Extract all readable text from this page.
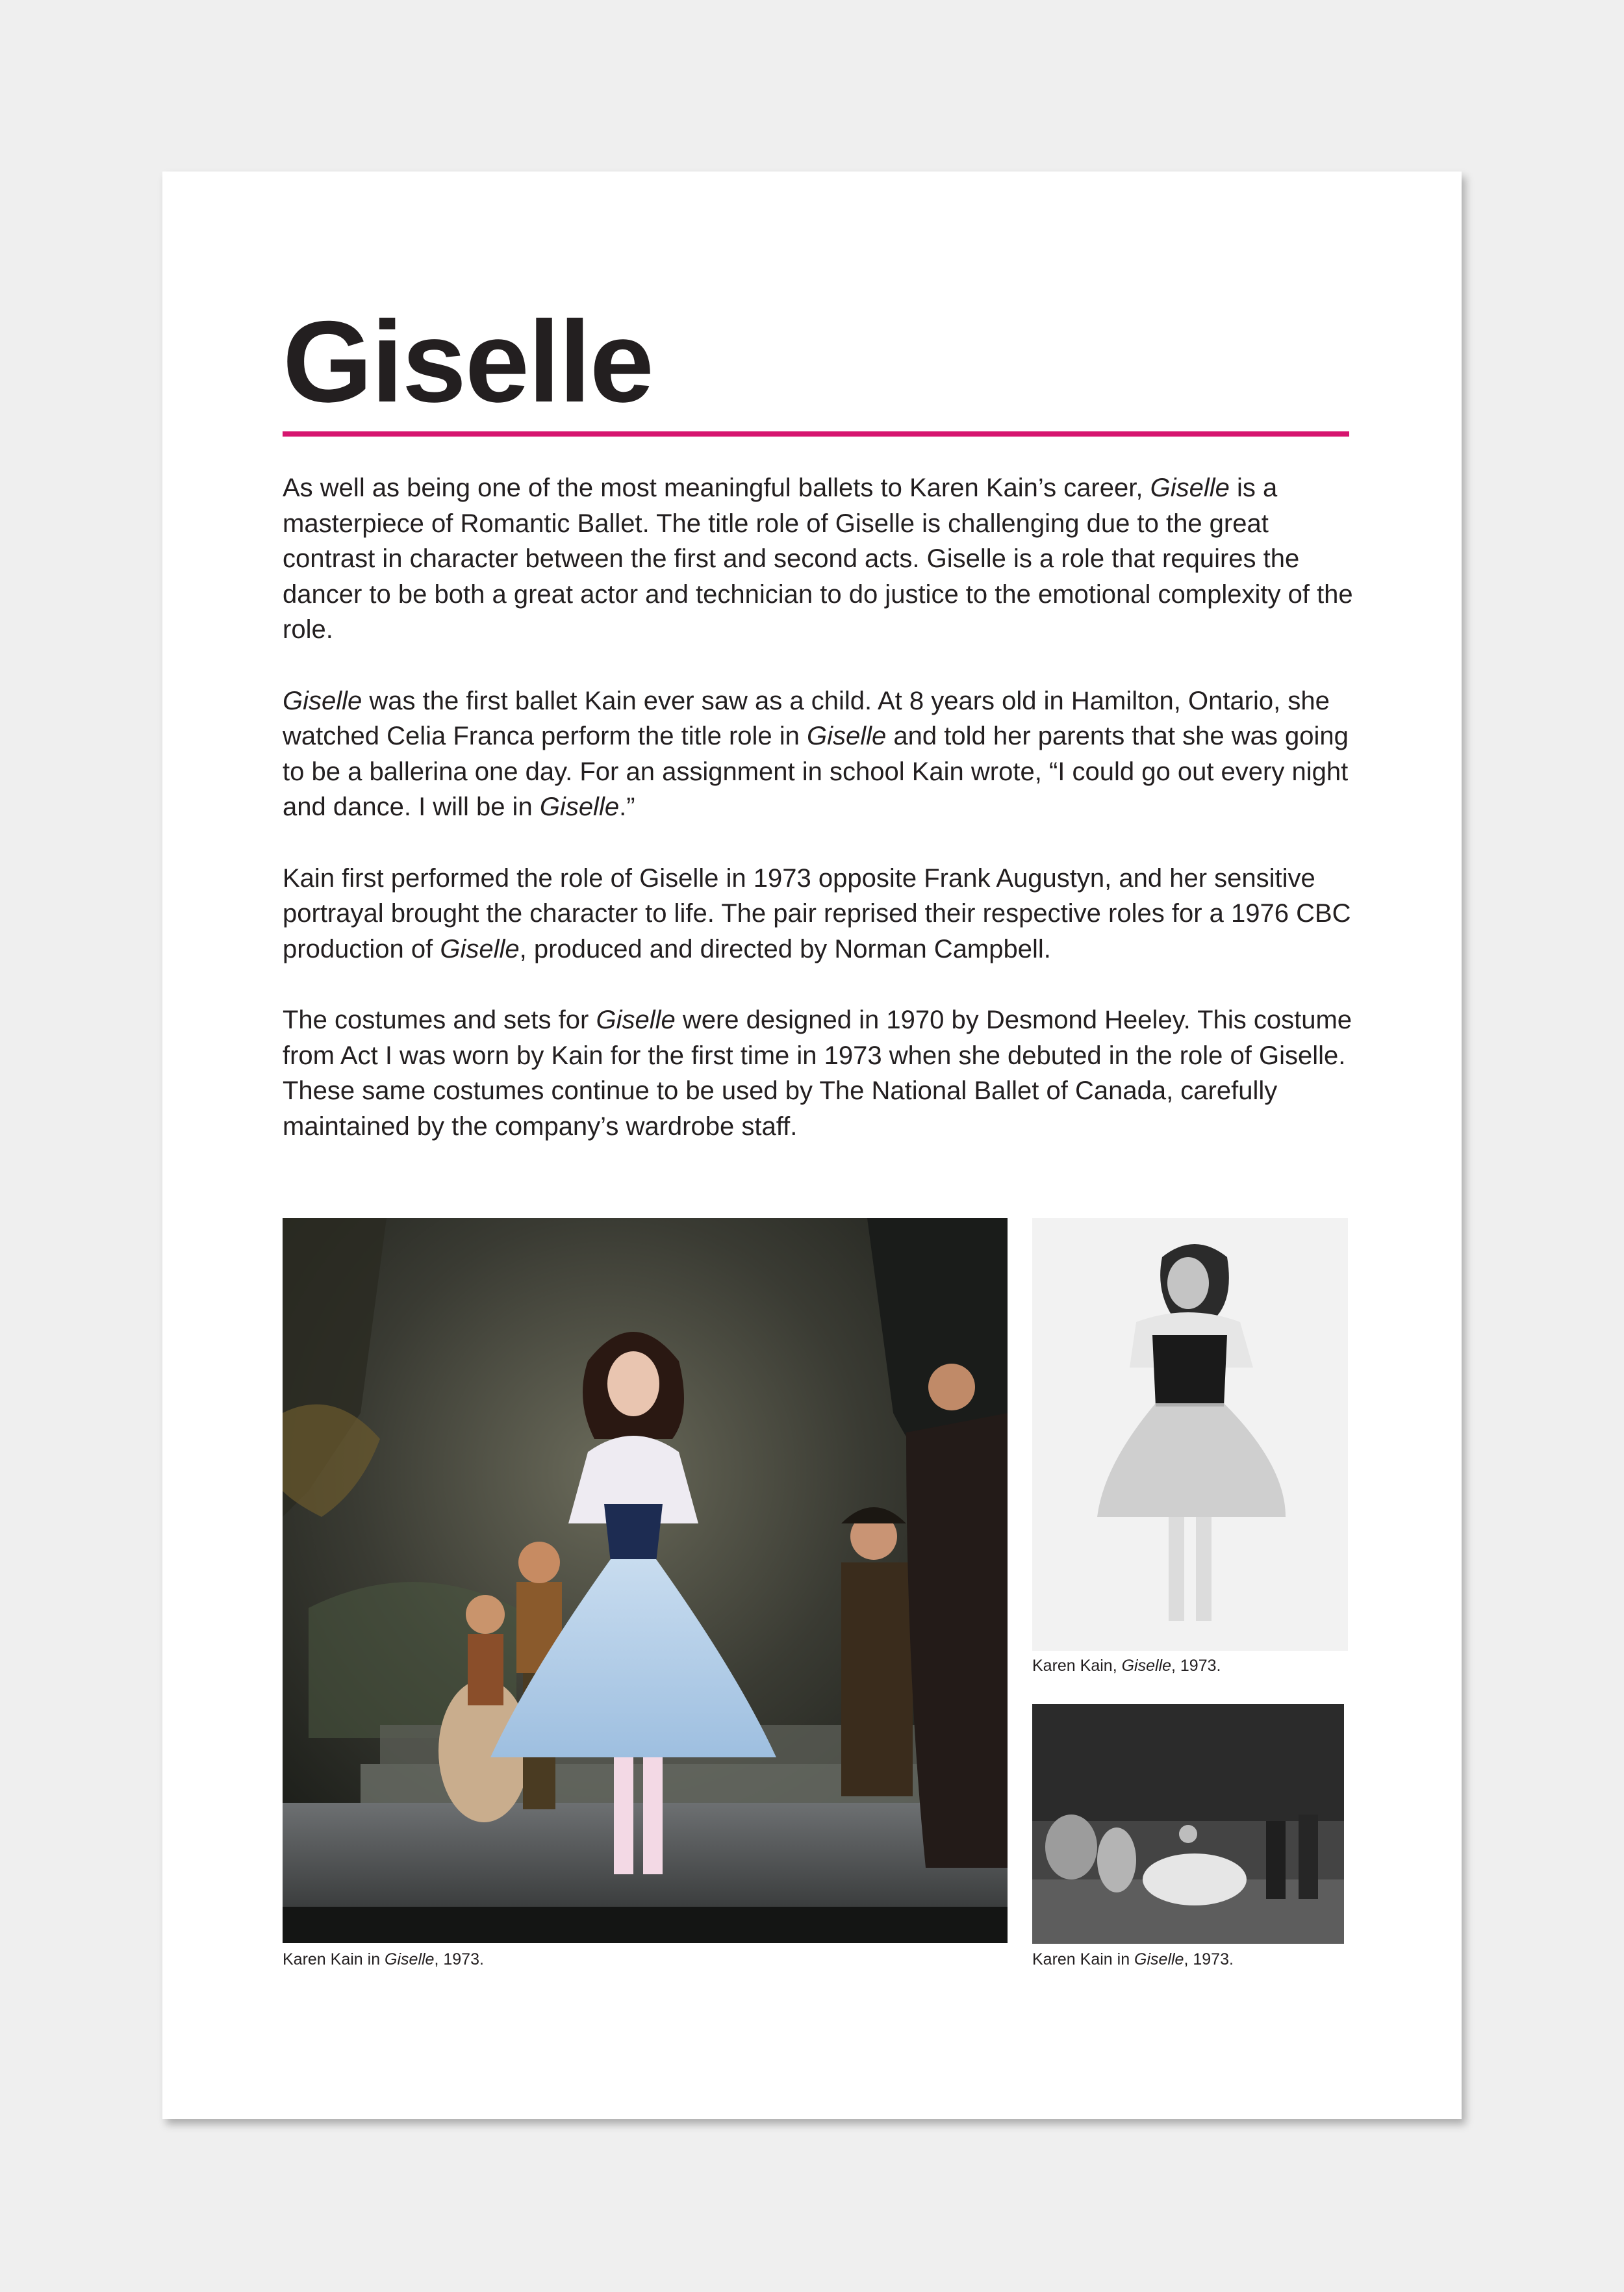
Giselle

As well as being one of the most meaningful ballets to Karen Kain’s career, Giselle is a masterpiece of Romantic Ballet. The title role of Giselle is challenging due to the great contrast in character between the first and second acts. Giselle is a role that requires the dancer to be both a great actor and technician to do justice to the emotional complexity of the role.

Giselle was the first ballet Kain ever saw as a child. At 8 years old in Hamilton, Ontario, she watched Celia Franca perform the title role in Giselle and told her parents that she was going to be a ballerina one day. For an assignment in school Kain wrote, “I could go out every night and dance. I will be in Giselle.”

Kain first performed the role of Giselle in 1973 opposite Frank Augustyn, and her sensitive portrayal brought the character to life. The pair reprised their respective roles for a 1976 CBC production of Giselle, produced and directed by Norman Campbell.

The costumes and sets for Giselle were designed in 1970 by Desmond Heeley. This costume from Act I was worn by Kain for the first time in 1973 when she debuted in the role of Giselle. These same costumes continue to be used by The National Ballet of Canada, carefully maintained by the company’s wardrobe staff.

Karen Kain in Giselle, 1973.
Karen Kain, Giselle, 1973.
Karen Kain in Giselle, 1973.
